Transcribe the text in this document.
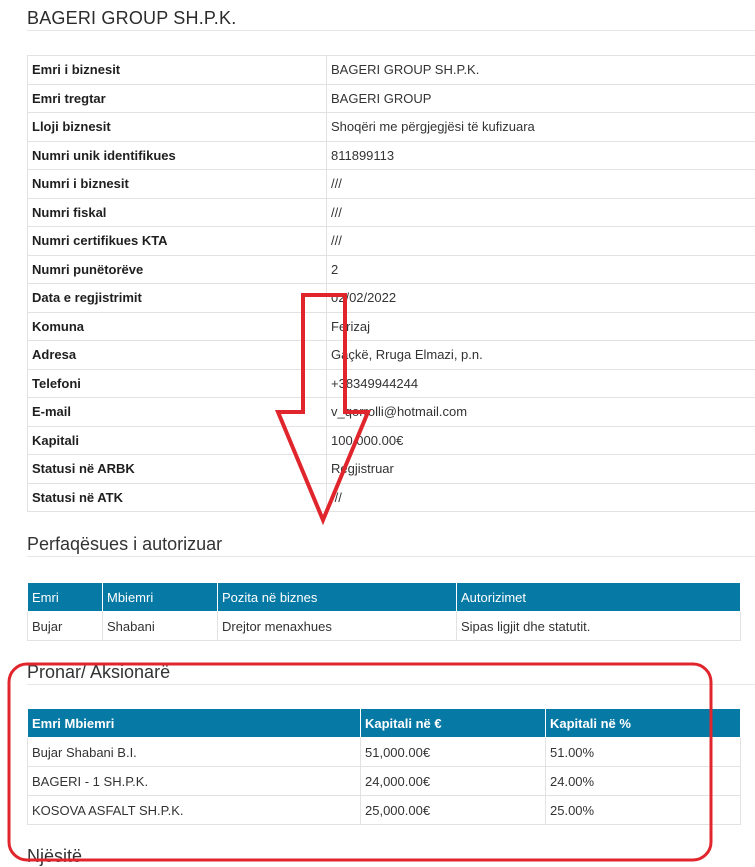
BAGERI GROUP SH.P.K.
Emri i biznesit	BAGERI GROUP SH.P.K.
Emri tregtar	BAGERI GROUP
Lloji biznesit	Shoqëri me përgjegjësi të kufizuara
Numri unik identifikues	811899113
Numri i biznesit	///
Numri fiskal	///
Numri certifikues KTA	///
Numri punëtorëve	2
Data e regjistrimit	02/02/2022
Komuna	Ferizaj
Adresa	Gaçkë, Rruga Elmazi, p.n.
Telefoni	+38349944244
E-mail	v_qorrolli@hotmail.com
Kapitali	100,000.00€
Statusi në ARBK	Regjistruar
Statusi në ATK	///
Perfaqësues i autorizuar
Emri	Mbiemri	Pozita në biznes	Autorizimet
Bujar	Shabani	Drejtor menaxhues	Sipas ligjit dhe statutit.
Pronar/ Aksionarë
Emri Mbiemri	Kapitali në €	Kapitali në %
Bujar Shabani B.I.	51,000.00€	51.00%
BAGERI - 1 SH.P.K.	24,000.00€	24.00%
KOSOVA ASFALT SH.P.K.	25,000.00€	25.00%
Njësitë
